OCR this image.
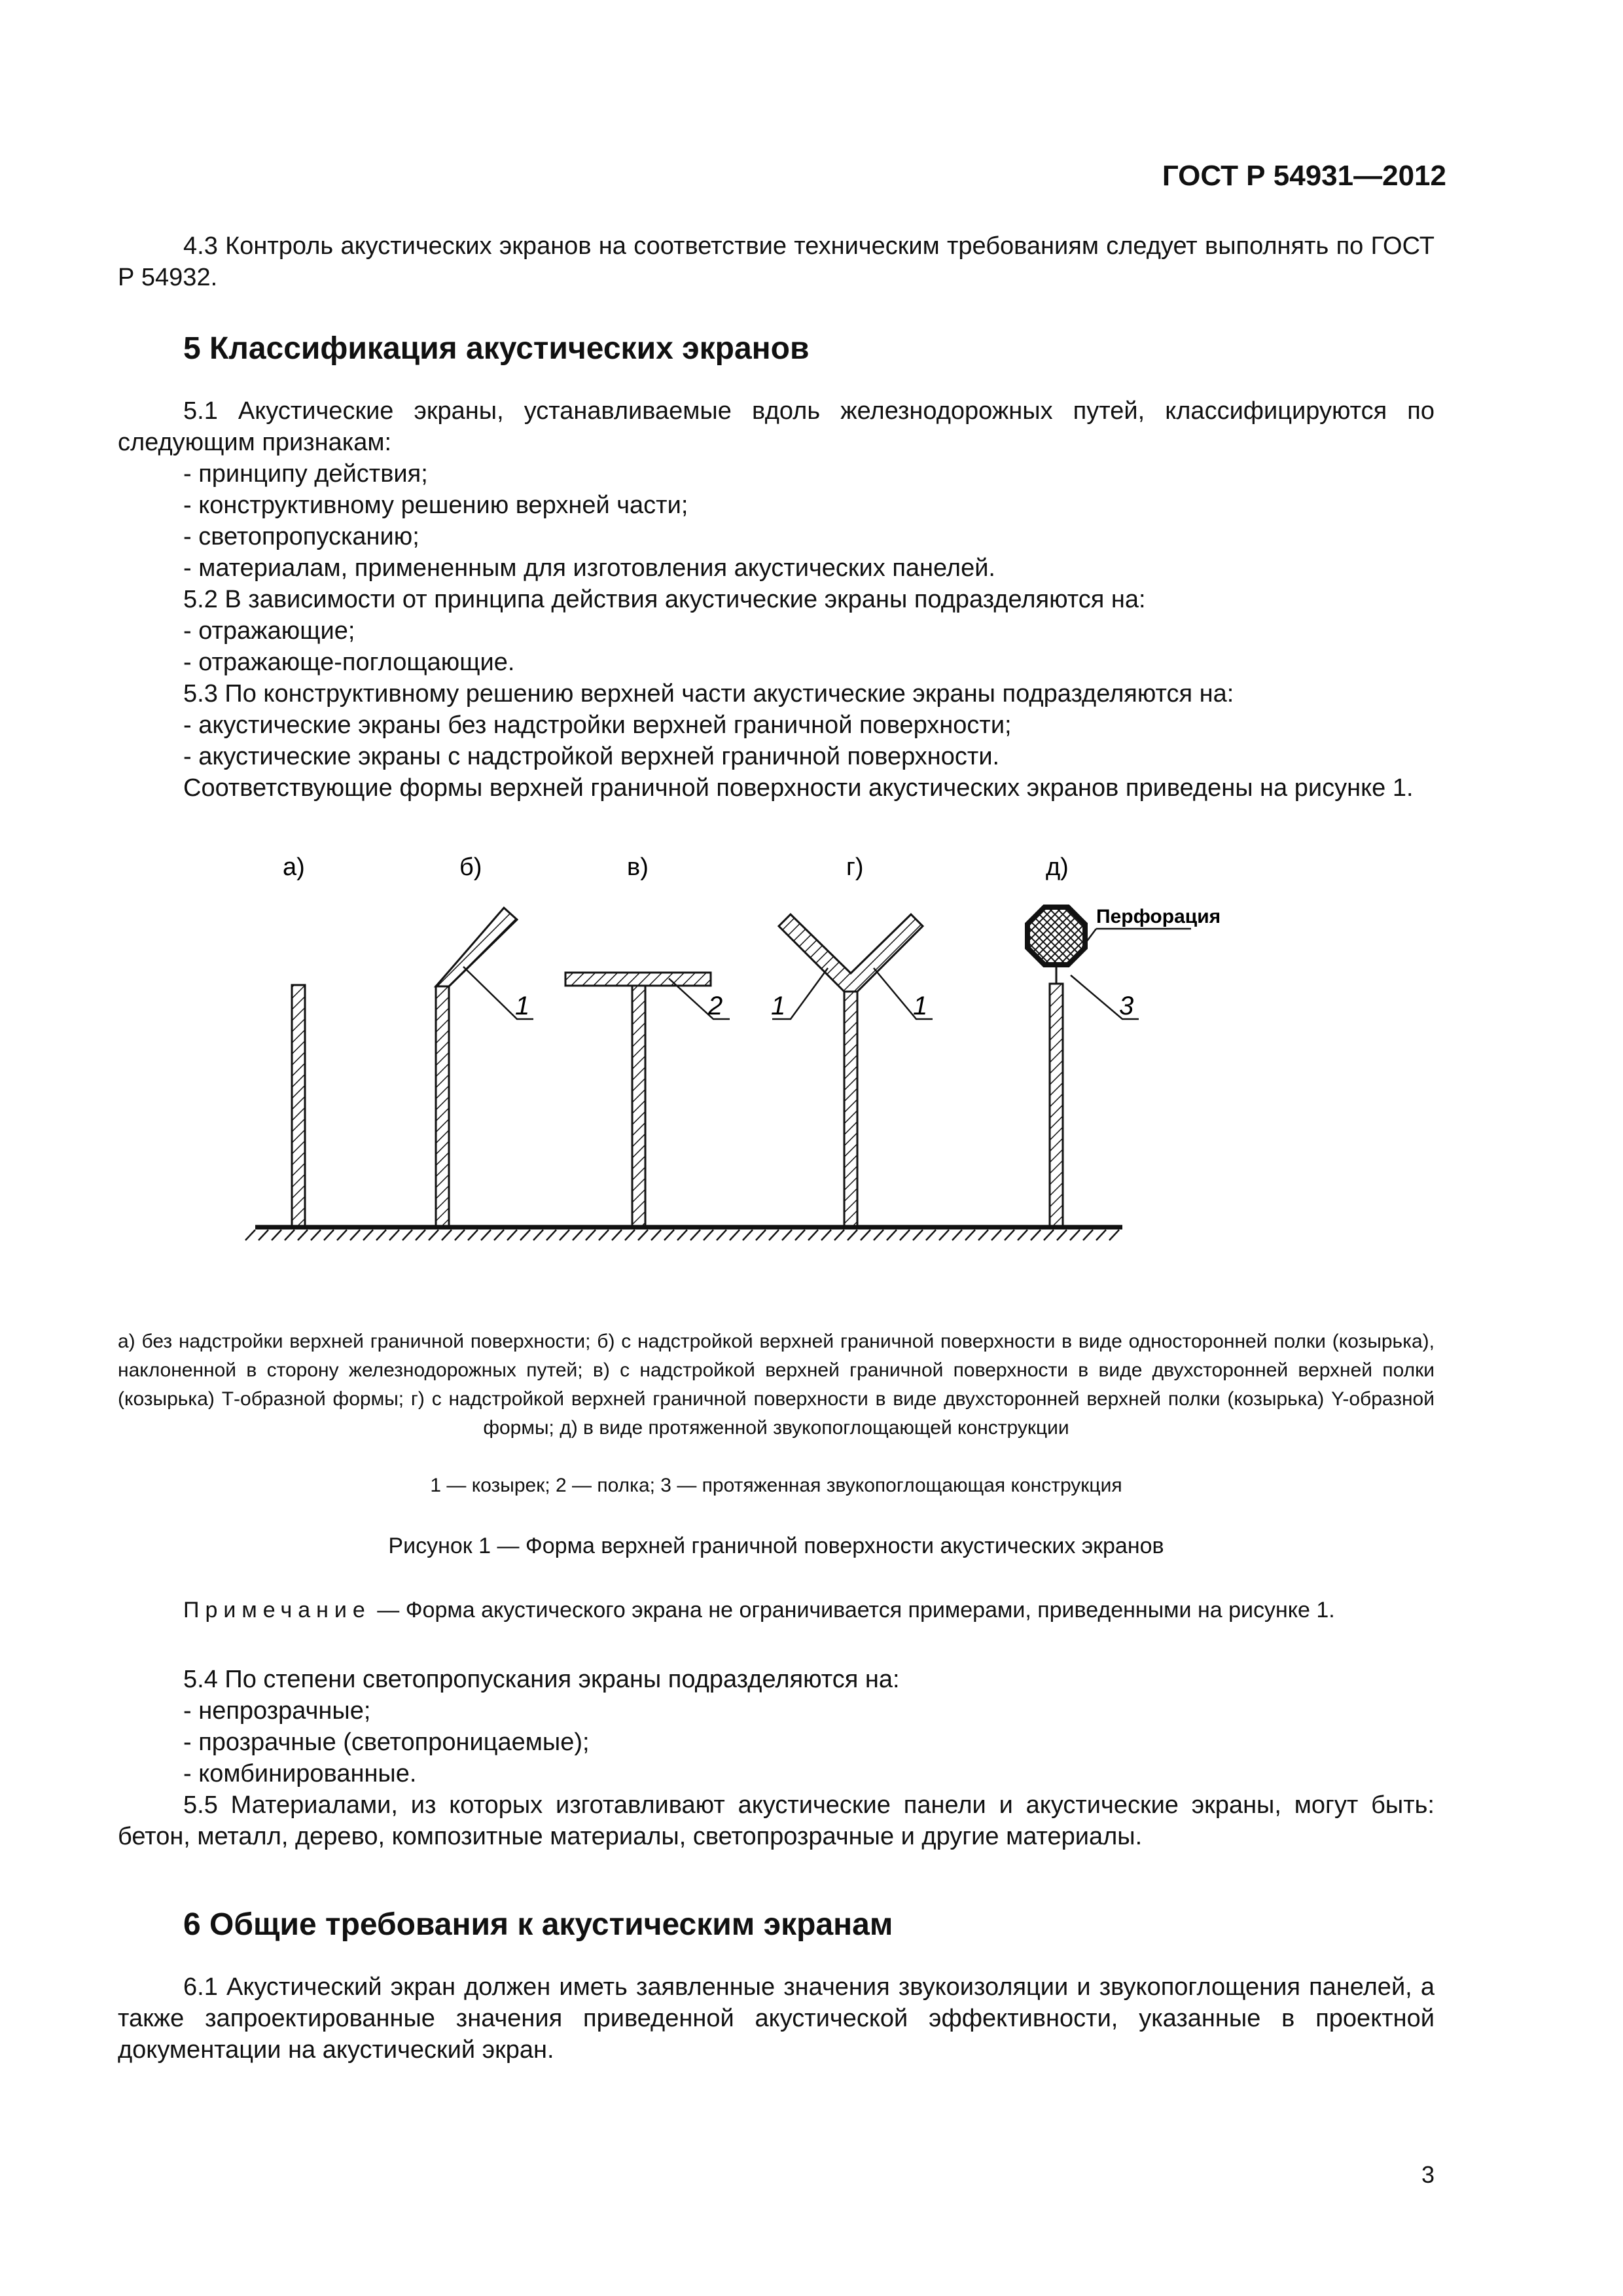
ГОСТ Р 54931—2012

4.3 Контроль акустических экранов на соответствие техническим требованиям следует выполнять по ГОСТ Р 54932.

5 Классификация акустических экранов

5.1 Акустические экраны, устанавливаемые вдоль железнодорожных путей, классифицируются по следующим признакам:

- принципу действия;

- конструктивному решению верхней части;

- светопропусканию;

- материалам, примененным для изготовления акустических панелей.

5.2 В зависимости от принципа действия акустические экраны подразделяются на:

- отражающие;

- отражающе-поглощающие.

5.3 По конструктивному решению верхней части акустические экраны подразделяются на:

- акустические экраны без надстройки верхней граничной поверхности;

- акустические экраны с надстройкой верхней граничной поверхности.

Соответствующие формы верхней граничной поверхности акустических экранов приведены на рисунке 1.

а)	б)
1
в)
2
г)
1	1
д)
Перфорация
3
а) без надстройки верхней граничной поверхности; б) с надстройкой верхней граничной поверхности в виде односторонней полки (козырька), наклоненной в сторону железнодорожных путей; в) с надстройкой верхней граничной поверхности в виде двухсторонней верхней полки (козырька) Т-образной формы; г) с надстройкой верхней граничной поверхности в виде двухсторонней верхней полки (козырька) Y-образной формы; д) в виде протяженной звукопоглощающей конструкции
1 — козырек; 2 — полка; 3 — протяженная звукопоглощающая конструкция
Рисунок 1 — Форма верхней граничной поверхности акустических экранов

Примечание — Форма акустического экрана не ограничивается примерами, приведенными на рисунке 1.

5.4 По степени светопропускания экраны подразделяются на:

- непрозрачные;

- прозрачные (светопроницаемые);

- комбинированные.

5.5 Материалами, из которых изготавливают акустические панели и акустические экраны, могут быть: бетон, металл, дерево, композитные материалы, светопрозрачные и другие материалы.

6 Общие требования к акустическим экранам

6.1 Акустический экран должен иметь заявленные значения звукоизоляции и звукопоглощения панелей, а также запроектированные значения приведенной акустической эффективности, указанные в проектной документации на акустический экран.

3
